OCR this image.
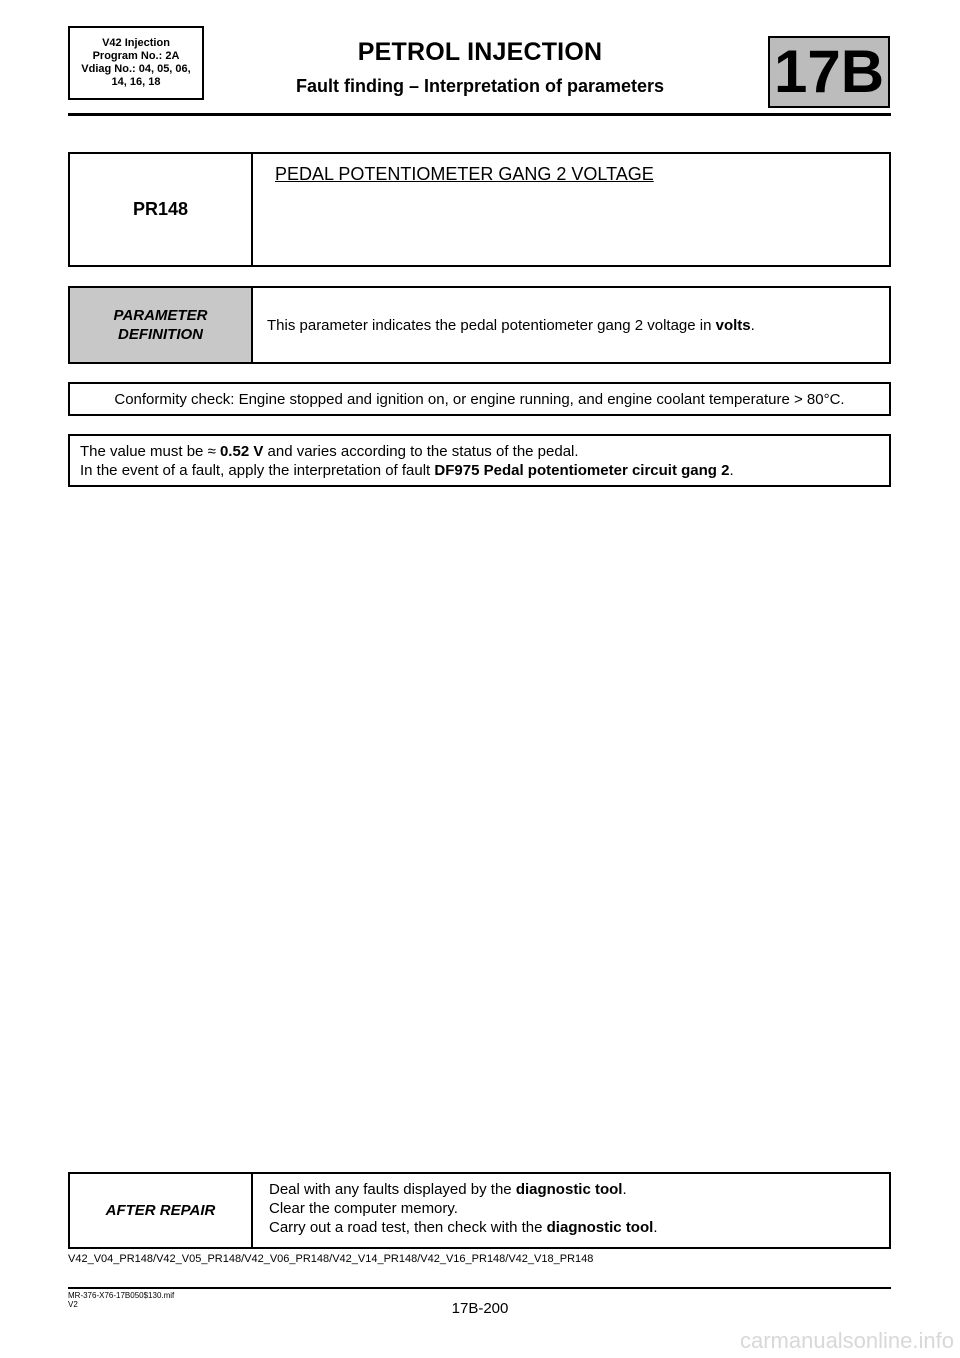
V42 Injection
Program No.: 2A
Vdiag No.: 04, 05, 06,
14, 16, 18
PETROL INJECTION
Fault finding – Interpretation of parameters	17B
PR148
PEDAL POTENTIOMETER GANG 2 VOLTAGE
PARAMETER
DEFINITION
This parameter indicates the pedal potentiometer gang 2 voltage in volts.
Conformity check: Engine stopped and ignition on, or engine running, and engine coolant temperature > 80°C.
The value must be ≈ 0.52 V and varies according to the status of the pedal.
In the event of a fault, apply the interpretation of fault DF975 Pedal potentiometer circuit gang 2.
AFTER REPAIR
Deal with any faults displayed by the diagnostic tool.
Clear the computer memory.
Carry out a road test, then check with the diagnostic tool.
V42_V04_PR148/V42_V05_PR148/V42_V06_PR148/V42_V14_PR148/V42_V16_PR148/V42_V18_PR148
MR-376-X76-17B050$130.mif
V2	17B-200
carmanualsonline.info
